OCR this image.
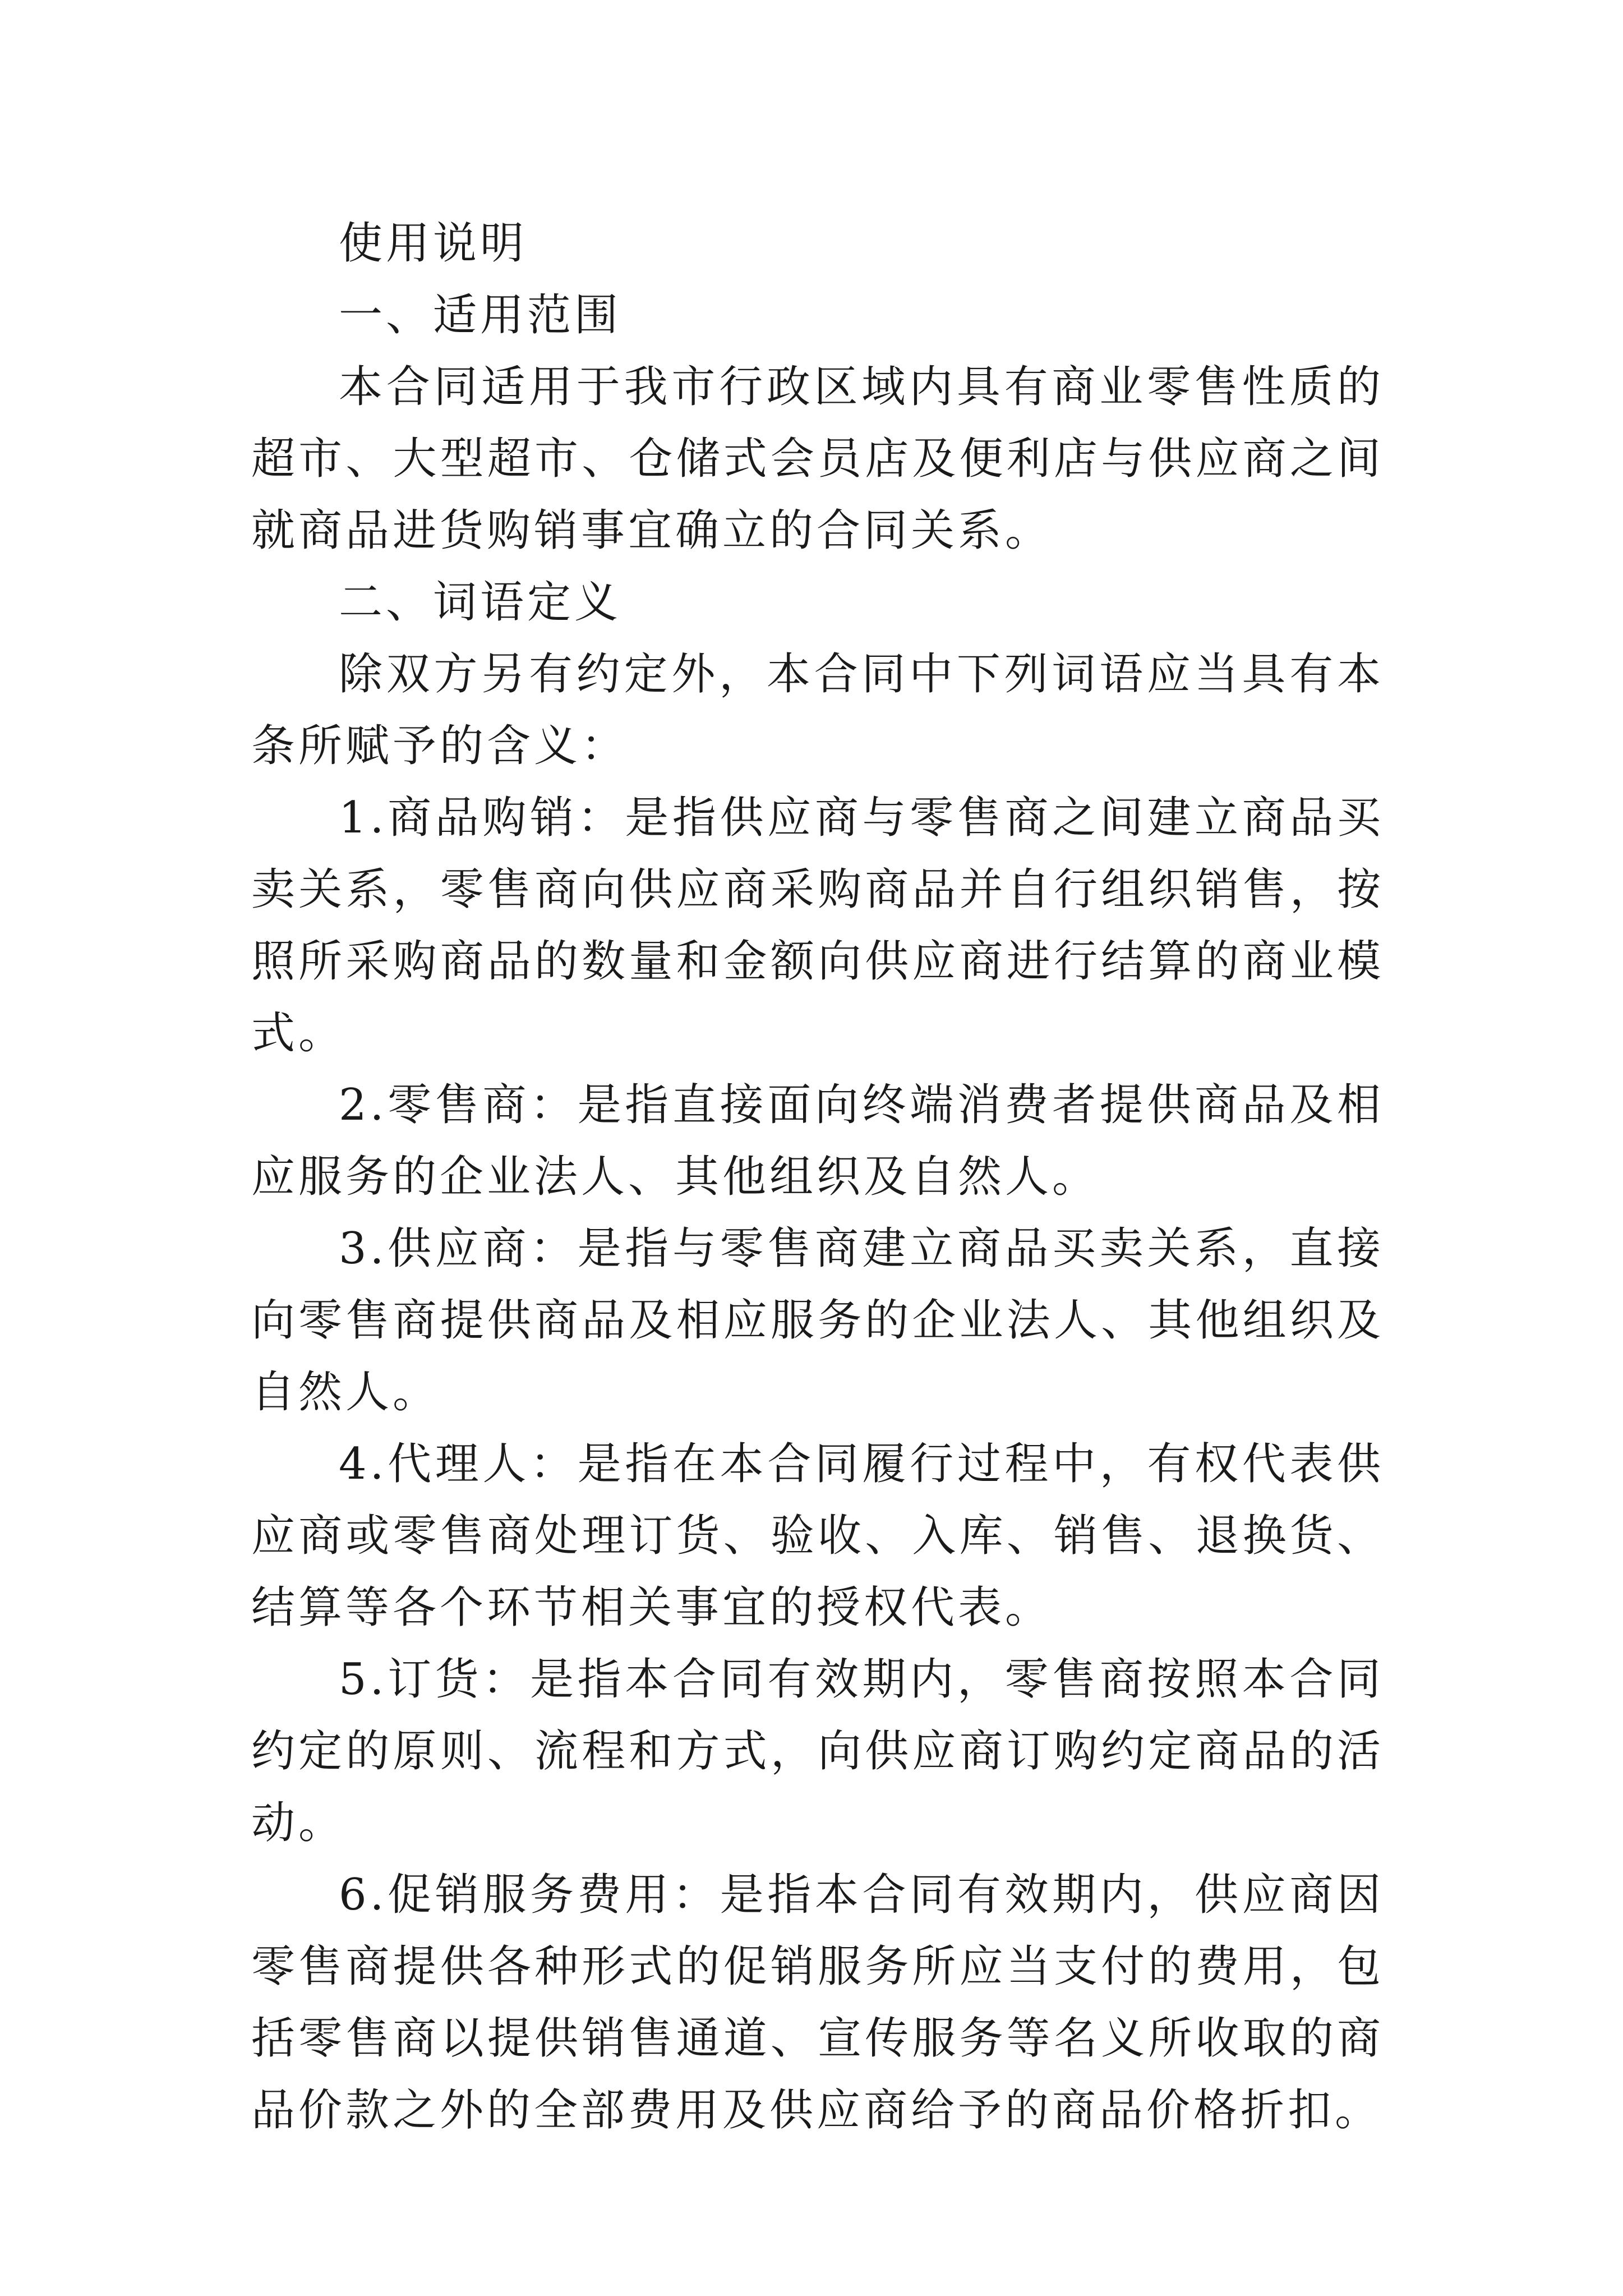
使用说明

一、适用范围

本合同适用于我市行政区域内具有商业零售性质的超市、大型超市、仓储式会员店及便利店与供应商之间就商品进货购销事宜确立的合同关系。

二、词语定义

除双方另有约定外，本合同中下列词语应当具有本条所赋予的含义：

1.商品购销：是指供应商与零售商之间建立商品买卖关系，零售商向供应商采购商品并自行组织销售，按照所采购商品的数量和金额向供应商进行结算的商业模式。

2.零售商：是指直接面向终端消费者提供商品及相应服务的企业法人、其他组织及自然人。

3.供应商：是指与零售商建立商品买卖关系，直接向零售商提供商品及相应服务的企业法人、其他组织及自然人。

4.代理人：是指在本合同履行过程中，有权代表供应商或零售商处理订货、验收、入库、销售、退换货、结算等各个环节相关事宜的授权代表。

5.订货：是指本合同有效期内，零售商按照本合同约定的原则、流程和方式，向供应商订购约定商品的活动。

6.促销服务费用：是指本合同有效期内，供应商因零售商提供各种形式的促销服务所应当支付的费用，包括零售商以提供销售通道、宣传服务等名义所收取的商品价款之外的全部费用及供应商给予的商品价格折扣。
